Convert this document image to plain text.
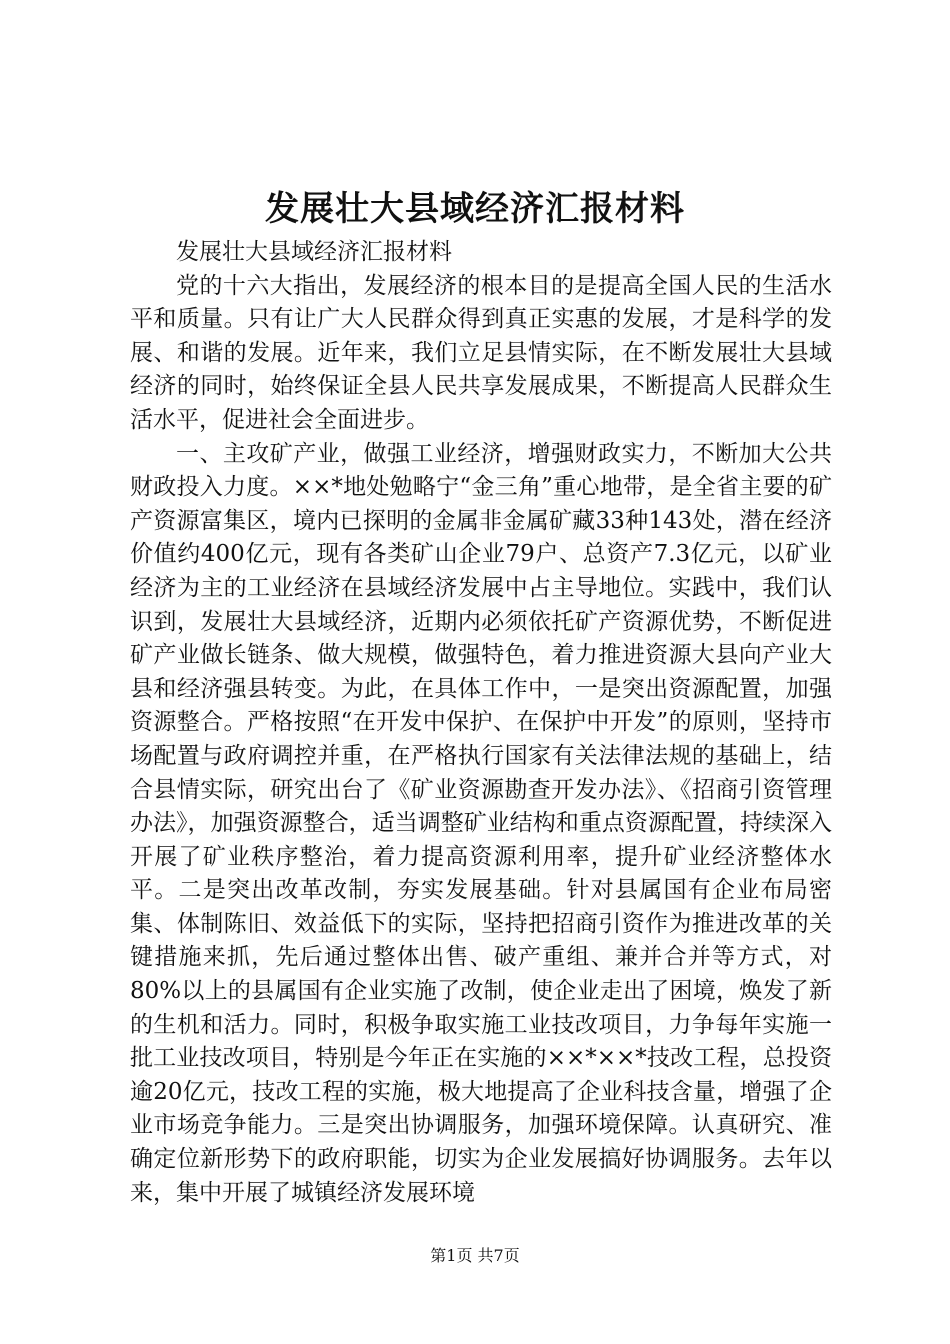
发展壮大县域经济汇报材料

发展壮大县域经济汇报材料

党的十六大指出，发展经济的根本目的是提高全国人民的生活水平和质量。只有让广大人民群众得到真正实惠的发展，才是科学的发展、和谐的发展。近年来，我们立足县情实际，在不断发展壮大县域经济的同时，始终保证全县人民共享发展成果，不断提高人民群众生活水平，促进社会全面进步。

一、主攻矿产业，做强工业经济，增强财政实力，不断加大公共财政投入力度。××*地处勉略宁“金三角”重心地带，是全省主要的矿产资源富集区，境内已探明的金属非金属矿藏33种143处，潜在经济价值约400亿元，现有各类矿山企业79户、总资产7.3亿元，以矿业经济为主的工业经济在县域经济发展中占主导地位。实践中，我们认识到，发展壮大县域经济，近期内必须依托矿产资源优势，不断促进矿产业做长链条、做大规模，做强特色，着力推进资源大县向产业大县和经济强县转变。为此，在具体工作中，一是突出资源配置，加强资源整合。严格按照“在开发中保护、在保护中开发”的原则，坚持市场配置与政府调控并重，在严格执行国家有关法律法规的基础上，结合县情实际，研究出台了《矿业资源勘查开发办法》、《招商引资管理办法》，加强资源整合，适当调整矿业结构和重点资源配置，持续深入开展了矿业秩序整治，着力提高资源利用率，提升矿业经济整体水平。二是突出改革改制，夯实发展基础。针对县属国有企业布局密集、体制陈旧、效益低下的实际，坚持把招商引资作为推进改革的关键措施来抓，先后通过整体出售、破产重组、兼并合并等方式，对80%以上的县属国有企业实施了改制，使企业走出了困境，焕发了新的生机和活力。同时，积极争取实施工业技改项目，力争每年实施一批工业技改项目，特别是今年正在实施的××*××*技改工程，总投资逾20亿元，技改工程的实施，极大地提高了企业科技含量，增强了企业市场竞争能力。三是突出协调服务，加强环境保障。认真研究、准确定位新形势下的政府职能，切实为企业发展搞好协调服务。去年以来，集中开展了城镇经济发展环境

第1页 共7页
